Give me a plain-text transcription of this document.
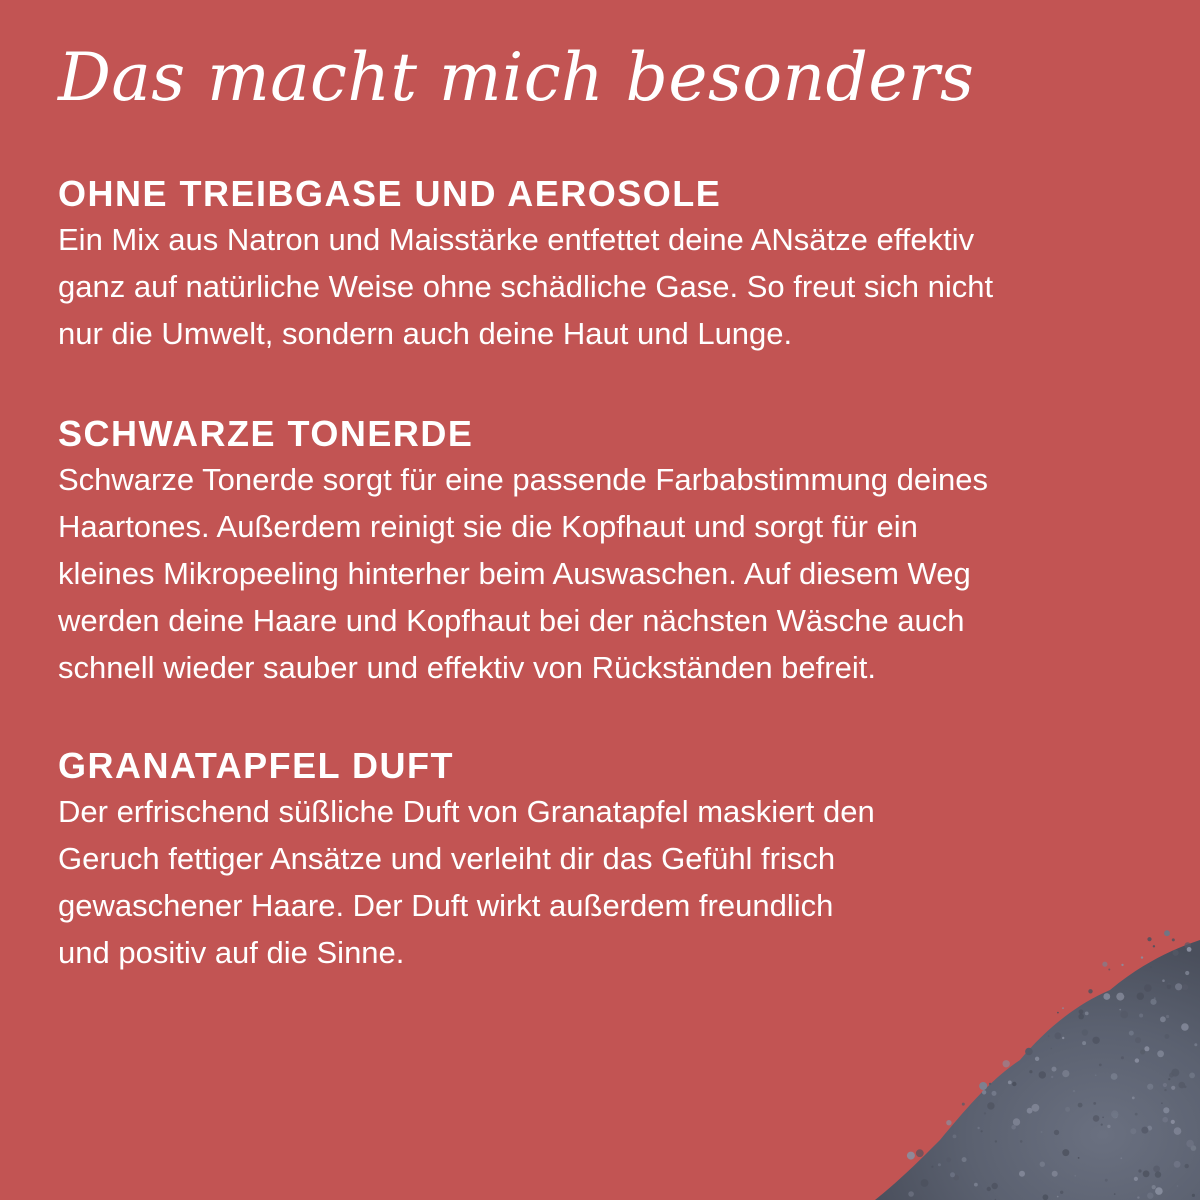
Das macht mich besonders
OHNE TREIBGASE UND AEROSOLE

Ein Mix aus Natron und Maisstärke entfettet deine ANsätze effektiv
ganz auf natürliche Weise ohne schädliche Gase. So freut sich nicht
nur die Umwelt, sondern auch deine Haut und Lunge.

SCHWARZE TONERDE

Schwarze Tonerde sorgt für eine passende Farbabstimmung deines
Haartones. Außerdem reinigt sie die Kopfhaut und sorgt für ein
kleines Mikropeeling hinterher beim Auswaschen. Auf diesem Weg
werden deine Haare und Kopfhaut bei der nächsten Wäsche auch
schnell wieder sauber und effektiv von Rückständen befreit.

GRANATAPFEL DUFT

Der erfrischend süßliche Duft von Granatapfel maskiert den
Geruch fettiger Ansätze und verleiht dir das Gefühl frisch
gewaschener Haare. Der Duft wirkt außerdem freundlich
und positiv auf die Sinne.
